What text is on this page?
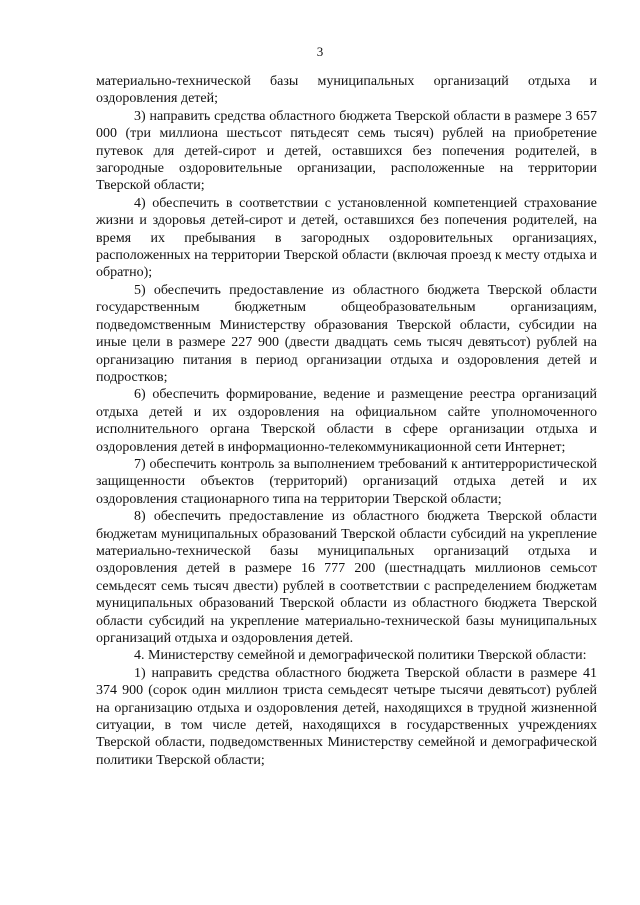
3

материально-технической базы муниципальных организаций отдыха и оздоровления детей;

3) направить средства областного бюджета Тверской области в размере 3 657 000 (три миллиона шестьсот пятьдесят семь тысяч) рублей на приобретение путевок для детей-сирот и детей, оставшихся без попечения родителей, в загородные оздоровительные организации, расположенные на территории Тверской области;

4) обеспечить в соответствии с установленной компетенцией страхование жизни и здоровья детей-сирот и детей, оставшихся без попечения родителей, на время их пребывания в загородных оздоровительных организациях, расположенных на территории Тверской области (включая проезд к месту отдыха и обратно);

5) обеспечить предоставление из областного бюджета Тверской области государственным бюджетным общеобразовательным организациям, подведомственным Министерству образования Тверской области, субсидии на иные цели в размере 227 900 (двести двадцать семь тысяч девятьсот) рублей на организацию питания в период организации отдыха и оздоровления детей и подростков;

6) обеспечить формирование, ведение и размещение реестра организаций отдыха детей и их оздоровления на официальном сайте уполномоченного исполнительного органа Тверской области в сфере организации отдыха и оздоровления детей в информационно-телекоммуникационной сети Интернет;

7) обеспечить контроль за выполнением требований к антитеррористической защищенности объектов (территорий) организаций отдыха детей и их оздоровления стационарного типа на территории Тверской области;

8) обеспечить предоставление из областного бюджета Тверской области бюджетам муниципальных образований Тверской области субсидий на укрепление материально-технической базы муниципальных организаций отдыха и оздоровления детей в размере 16 777 200 (шестнадцать миллионов семьсот семьдесят семь тысяч двести) рублей в соответствии с распределением бюджетам муниципальных образований Тверской области из областного бюджета Тверской области субсидий на укрепление материально-технической базы муниципальных организаций отдыха и оздоровления детей.

4. Министерству семейной и демографической политики Тверской области:

1) направить средства областного бюджета Тверской области в размере 41 374 900 (сорок один миллион триста семьдесят четыре тысячи девятьсот) рублей на организацию отдыха и оздоровления детей, находящихся в трудной жизненной ситуации, в том числе детей, находящихся в государственных учреждениях Тверской области, подведомственных Министерству семейной и демографической политики Тверской области;
